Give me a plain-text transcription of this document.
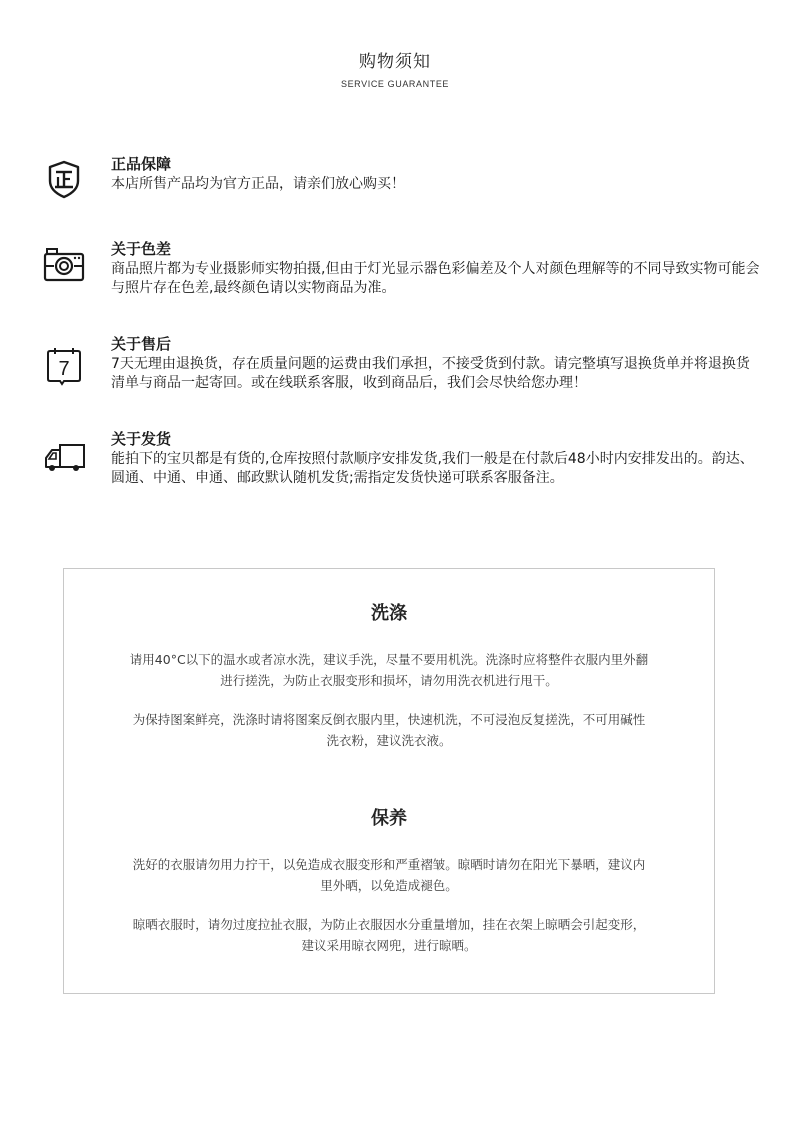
购物须知
SERVICE GUARANTEE
正品保障
本店所售产品均为官方正品，请亲们放心购买！
关于色差
商品照片都为专业摄影师实物拍摄,但由于灯光显示器色彩偏差及个人对颜色理解等的不同导致实物可能会与照片存在色差,最终颜色请以实物商品为准。
7
关于售后
7天无理由退换货，存在质量问题的运费由我们承担，不接受货到付款。请完整填写退换货单并将退换货清单与商品一起寄回。或在线联系客服，收到商品后，我们会尽快给您办理！
关于发货
能拍下的宝贝都是有货的,仓库按照付款顺序安排发货,我们一般是在付款后48小时内安排发出的。韵达、圆通、中通、申通、邮政默认随机发货;需指定发货快递可联系客服备注。
洗涤
请用40°C以下的温水或者凉水洗，建议手洗，尽量不要用机洗。洗涤时应将整件衣服内里外翻进行搓洗，为防止衣服变形和损坏，请勿用洗衣机进行甩干。
为保持图案鲜亮，洗涤时请将图案反倒衣服内里，快速机洗，不可浸泡反复搓洗，不可用碱性洗衣粉，建议洗衣液。
保养
洗好的衣服请勿用力拧干，以免造成衣服变形和严重褶皱。晾晒时请勿在阳光下暴晒，建议内里外晒，以免造成褪色。
晾晒衣服时，请勿过度拉扯衣服，为防止衣服因水分重量增加，挂在衣架上晾晒会引起变形，建议采用晾衣网兜，进行晾晒。
